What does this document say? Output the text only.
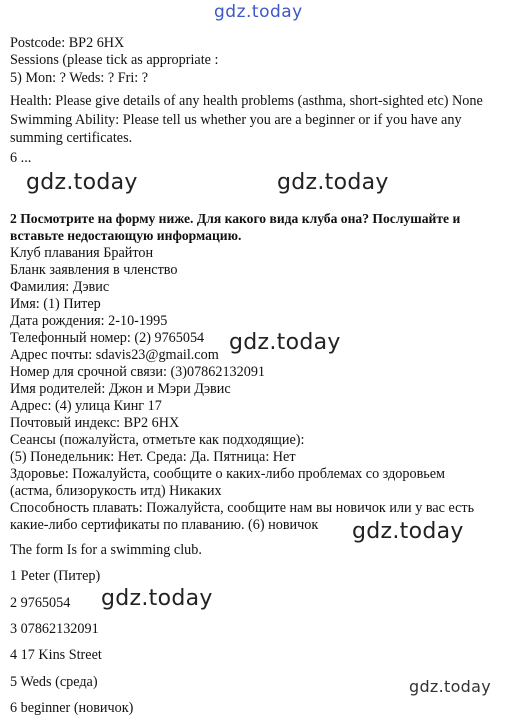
gdz.today
Postcode: BP2 6HX
Sessions (please tick as appropriate :
5) Mon: ? Weds: ? Fri: ?
Health: Please give details of any health problems (asthma, short-sighted etc) None
Swimming Ability: Please tell us whether you are a beginner or if you have any
summing certificates.
6 ...
gdz.today	gdz.today
2 Посмотрите на форму ниже. Для какого вида клуба она? Послушайте и
вставьте недостающую информацию.
Клуб плавания Брайтон
Бланк заявления в членство
Фамилия: Дэвис
Имя: (1) Питер
Дата рождения: 2-10-1995
Телефонный номер: (2) 9765054
Адрес почты: sdavis23@gmail.com
Номер для срочной связи: (3)07862132091
Имя родителей: Джон и Мэри Дэвис
Адрес: (4) улица Кинг 17
Почтовый индекс: BP2 6HX
Сеансы (пожалуйста, отметьте как подходящие):
(5) Понедельник: Нет. Среда: Да. Пятница: Нет
Здоровье: Пожалуйста, сообщите о каких-либо проблемах со здоровьем
(астма, близорукость итд) Никаких
Способность плавать: Пожалуйста, сообщите нам вы новичок или у вас есть
какие-либо сертификаты по плаванию. (6) новичок
gdz.today
gdz.today
The form Is for a swimming club.
1 Peter (Питер)
2 9765054
3 07862132091
4 17 Kins Street
5 Weds (среда)
6 beginner (новичок)
gdz.today
gdz.today
